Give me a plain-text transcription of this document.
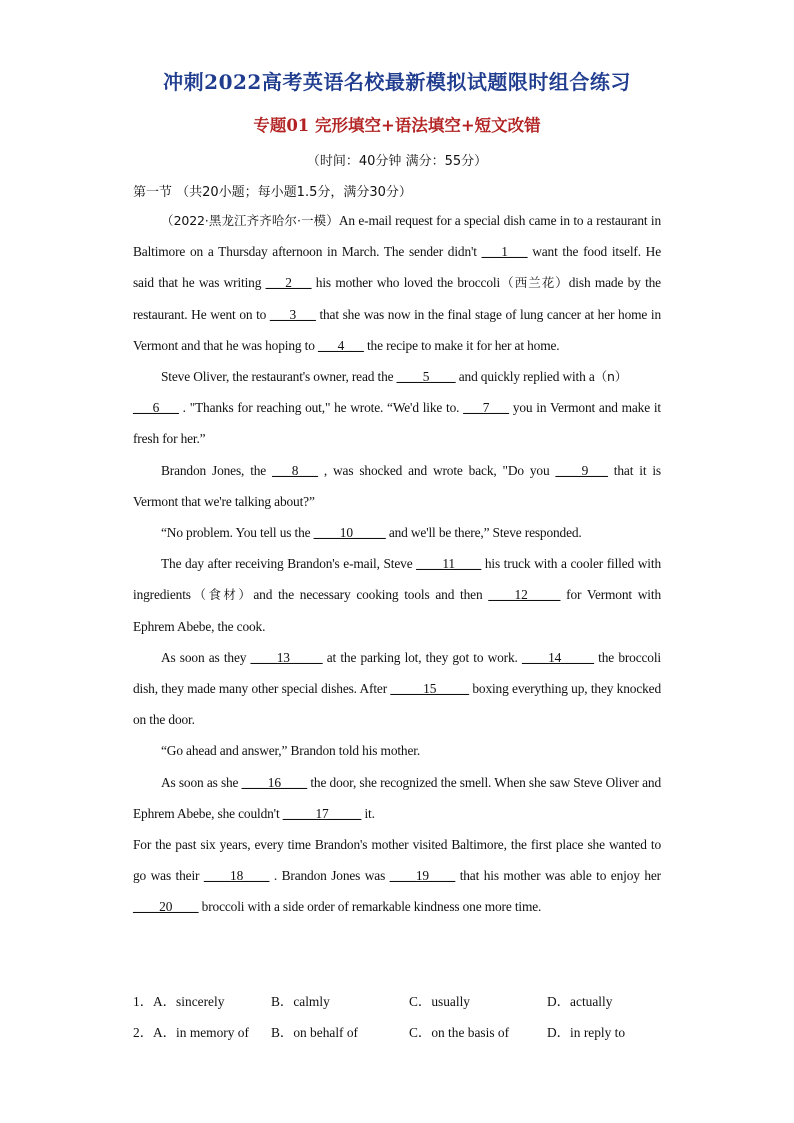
冲刺2022高考英语名校最新模拟试题限时组合练习
专题01 完形填空+语法填空+短文改错
（时间：40分钟 满分：55分）
第一节 （共20小题；每小题1.5分，满分30分）

（2022·黑龙江齐齐哈尔·一模）An e-mail request for a special dish came in to a restaurant in Baltimore on a Thursday afternoon in March. The sender didn't ___1___ want the food itself. He said that he was writing ___2___ his mother who loved the broccoli（西兰花）dish made by the restaurant. He went on to ___3___ that she was now in the final stage of lung cancer at her home in Vermont and that he was hoping to ___4___ the recipe to make it for her at home.

Steve Oliver, the restaurant's owner, read the ____5____ and quickly replied with a（n）
___6___ . "Thanks for reaching out," he wrote. “We'd like to. ___7___ you in Vermont and make it fresh for her.”

Brandon Jones, the ___8___ , was shocked and wrote back, "Do you ____9___ that it is Vermont that we're talking about?”

“No problem. You tell us the ____10_____ and we'll be there,” Steve responded.

The day after receiving Brandon's e-mail, Steve ____11____ his truck with a cooler filled with ingredients（食材）and the necessary cooking tools and then ____12_____ for Vermont with Ephrem Abebe, the cook.

As soon as they ____13_____ at the parking lot, they got to work. ____14_____ the broccoli dish, they made many other special dishes. After _____15_____ boxing everything up, they knocked on the door.

“Go ahead and answer,” Brandon told his mother.

As soon as she ____16____ the door, she recognized the smell. When she saw Steve Oliver and Ephrem Abebe, she couldn't _____17_____ it.

For the past six years, every time Brandon's mother visited Baltimore, the first place she wanted to go was their ____18____ . Brandon Jones was ____19____ that his mother was able to enjoy her ____20____ broccoli with a side order of remarkable kindness one more time.

1． A．sincerely	B．calmly	C．usually	D．actually
2． A．in memory of	B．on behalf of	C．on the basis of	D．in reply to
